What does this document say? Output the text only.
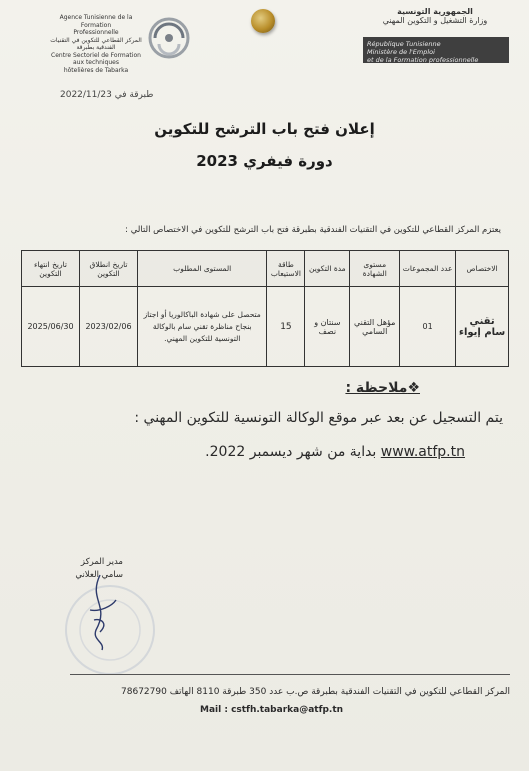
الجمهورية التونسية
وزارة التشغيل و التكوين المهني
République Tunisienne
Ministère de l'Emploi
et de la Formation professionnelle
Agence Tunisienne de la Formation
Professionnelle
المركز القطاعي للتكوين في التقنيات الفندقية بطبرقة
Centre Sectoriel de Formation aux techniques
hôtelières de Tabarka
طبرقة في 2022/11/23
إعلان فتح باب الترشح للتكوين
دورة فيفري 2023
يعتزم المركز القطاعي للتكوين في التقنيات الفندقية بطبرقة فتح باب الترشح للتكوين في الاختصاص التالي :
الاختصاص	عدد المجموعات	مستوى الشهادة	مدة التكوين	طاقة الاستيعاب	المستوى المطلوب	تاريخ انطلاق التكوين	تاريخ انتهاء التكوين
تقني سام إيواء	01	مؤهل التقني السامي	سنتان و نصف	15	متحصل على شهادة الباكالوريا أو اجتاز بنجاح مناظرة تقني سام بالوكالة التونسية للتكوين المهني.	2023/02/06	2025/06/30
❖ملاحظة :
يتم التسجيل عن بعد عبر موقع الوكالة التونسية للتكوين المهني :
www.atfp.tn بداية من شهر ديسمبر 2022.
مدير المركز
سامي العلاني
المركز القطاعي للتكوين في التقنيات الفندقية بطبرقة ص.ب عدد 350 طبرقة 8110 الهاتف 78672790
Mail : cstfh.tabarka@atfp.tn
